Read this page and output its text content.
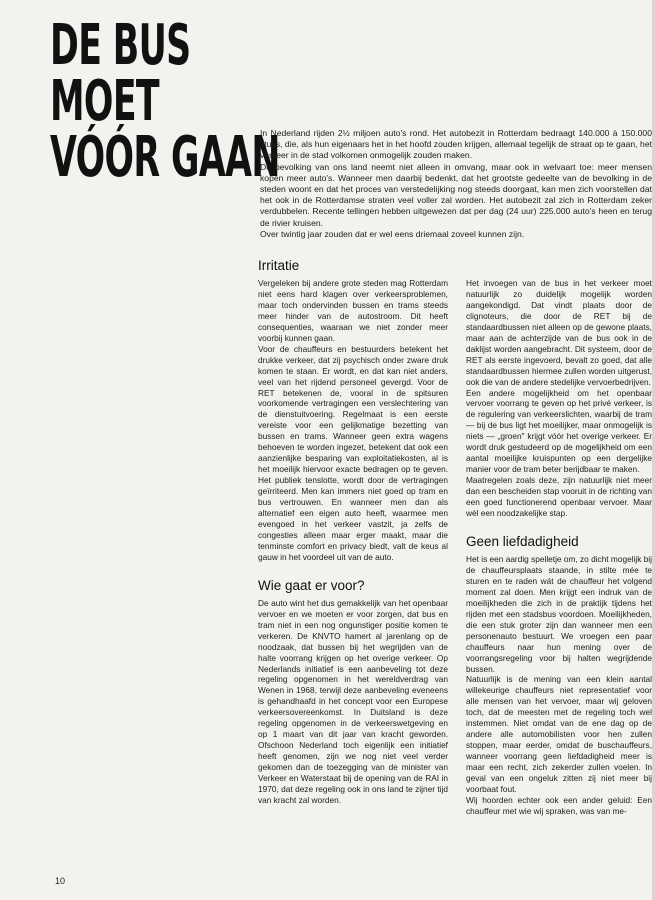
DE BUS
MOET
VÓÓR GAAN

In Nederland rijden 2½ miljoen auto's rond. Het autobezit in Rotterdam bedraagt 140.000 à 150.000 stuks, die, als hun eigenaars het in het hoofd zouden krijgen, allemaal tegelijk de straat op te gaan, het verkeer in de stad volkomen onmogelijk zouden maken.

De bevolking van ons land neemt niet alleen in omvang, maar ook in welvaart toe: meer mensen kopen meer auto's. Wanneer men daarbij bedenkt, dat het grootste gedeelte van de bevolking in de steden woont en dat het proces van verstedelijking nog steeds doorgaat, kan men zich voorstellen dat het ook in de Rotterdamse straten veel voller zal worden. Het autobezit zal zich in Rotterdam zeker verdubbelen. Recente tellingen hebben uitgewezen dat per dag (24 uur) 225.000 auto's heen en terug de rivier kruisen.

Over twintig jaar zouden dat er wel eens driemaal zoveel kunnen zijn.

Irritatie

Vergeleken bij andere grote steden mag Rotterdam niet eens hard klagen over verkeersproblemen, maar toch ondervinden bussen en trams steeds meer hinder van de autostroom. Dit heeft consequenties, waaraan we niet zonder meer voorbij kunnen gaan.

Voor de chauffeurs en bestuurders betekent het drukke verkeer, dat zij psychisch onder zware druk komen te staan. Er wordt, en dat kan niet anders, veel van het rijdend personeel gevergd. Voor de RET betekenen de, vooral in de spitsuren voorkomende vertragingen een verslechtering van de dienstuitvoering. Regelmaat is een eerste vereiste voor een gelijkmatige bezetting van bussen en trams. Wanneer geen extra wagens behoeven te worden ingezet, betekent dat ook een aanzienlijke besparing van exploitatiekosten, al is het moeilijk hiervoor exacte bedragen op te geven. Het publiek tenslotte, wordt door de vertragingen geïrriteerd. Men kan immers niet goed op tram en bus vertrouwen. En wanneer men dan als alternatief een eigen auto heeft, waarmee men evengoed in het verkeer vastzit, ja zelfs de congesties alleen maar erger maakt, maar die tenminste comfort en privacy biedt, valt de keus al gauw in het voordeel uit van de auto.

Wie gaat er voor?

De auto wint het dus gemakkelijk van het openbaar vervoer en we moeten er voor zorgen, dat bus en tram niet in een nog ongunstiger positie komen te verkeren. De KNVTO hamert al jarenlang op de noodzaak, dat bussen bij het wegrijden van de halte voorrang krijgen op het overige verkeer. Op Nederlands initiatief is een aanbeveling tot deze regeling opgenomen in het wereldverdrag van Wenen in 1968, terwijl deze aanbeveling eveneens is gehandhaafd in het concept voor een Europese verkeersovereenkomst. In Duitsland is deze regeling opgenomen in de verkeerswetgeving en op 1 maart van dit jaar van kracht geworden. Ofschoon Nederland toch eigenlijk een initiatief heeft genomen, zijn we nog niet veel verder gekomen dan de toezegging van de minister van Verkeer en Waterstaat bij de opening van de RAI in 1970, dat deze regeling ook in ons land te zijner tijd van kracht zal worden.

Het invoegen van de bus in het verkeer moet natuurlijk zo duidelijk mogelijk worden aangekondigd. Dat vindt plaats door de clignoteurs, die door de RET bij de standaardbussen niet alleen op de gewone plaats, maar aan de achterzijde van de bus ook in de daklijst worden aangebracht. Dit systeem, door de RET als eerste ingevoerd, bevalt zo goed, dat alle standaardbussen hiermee zullen worden uitgerust, ook die van de andere stedelijke vervoerbedrijven.

Een andere mogelijkheid om het openbaar vervoer voorrang te geven op het privé verkeer, is de regulering van verkeerslichten, waarbij de tram — bij de bus ligt het moeilijker, maar onmogelijk is niets — „groen" krijgt vóór het overige verkeer. Er wordt druk gestudeerd op de mogelijkheid om een aantal moeilijke kruispunten op een dergelijke manier voor de tram beter berijdbaar te maken.

Maatregelen zoals deze, zijn natuurlijk niet meer dan een bescheiden stap vooruit in de richting van een goed functionerend openbaar vervoer. Maar wèl een noodzakelijke stap.

Geen liefdadigheid

Het is een aardig spelletje om, zo dicht mogelijk bij de chauffeursplaats staande, in stilte mée te sturen en te raden wát de chauffeur het volgend moment zal doen. Men krijgt een indruk van de moeilijkheden die zich in de praktijk tijdens het rijden met een stadsbus voordoen. Moeilijkheden, die een stuk groter zijn dan wanneer men een personenauto bestuurt. We vroegen een paar chauffeurs naar hun mening over de voorrangsregeling voor bij halten wegrijdende bussen.

Natuurlijk is de mening van een klein aantal willekeurige chauffeurs niet representatief voor alle mensen van het vervoer, maar wij geloven toch, dat de meesten met de regeling toch wel instemmen. Niet omdat van de ene dag op de andere alle automobilisten voor hen zullen stoppen, maar eerder, omdat de buschauffeurs, wanneer voorrang geen liefdadigheid meer is maar een recht, zich zekerder zullen voelen. In geval van een ongeluk zitten zij niet meer bij voorbaat fout.

Wij hoorden echter ook een ander geluid: Een chauffeur met wie wij spraken, was van me-

10
